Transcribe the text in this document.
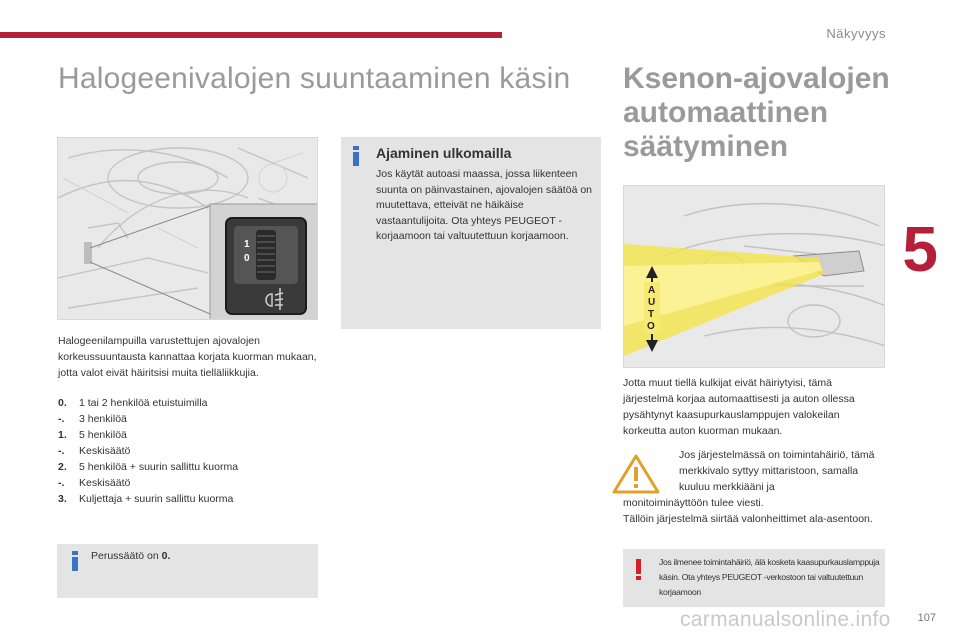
Näkyvyys
Halogeenivalojen suuntaaminen käsin Ksenon-ajovalojen
automaattinen
säätyminen
5
1
0
Ajaminen ulkomailla

Jos käytät autoasi maassa, jossa liikenteen suunta on päinvastainen, ajovalojen säätöä on muutettava, etteivät ne häikäise vastaantulijoita. Ota yhteys PEUGEOT -korjaamoon tai valtuutettuun korjaamoon.

Halogeenilampuilla varustettujen ajovalojen korkeussuuntausta kannattaa korjata kuorman mukaan, jotta valot eivät häiritsisi muita tielläliikkujia.
0.	1 tai 2 henkilöä etuistuimilla
-.	3 henkilöä
1.	5 henkilöä
-.	Keskisäätö
2.	5 henkilöä + suurin sallittu kuorma
-.	Keskisäätö
3.	Kuljettaja + suurin sallittu kuorma

Perussäätö on 0.

A
U
T
O
Jotta muut tiellä kulkijat eivät häiriytyisi, tämä järjestelmä korjaa automaattisesti ja auton ollessa pysähtynyt kaasupurkauslamppujen valokeilan korkeutta auton kuorman mukaan.
Jos järjestelmässä on toimintahäiriö, tämä merkkivalo syttyy mittaristoon, samalla kuuluu merkkiääni ja
monitoiminäyttöön tulee viesti.
Tällöin järjestelmä siirtää valonheittimet ala-asentoon.

Jos ilmenee toimintahäiriö, älä kosketa kaasupurkauslamppuja käsin. Ota yhteys PEUGEOT -verkostoon tai valtuutettuun korjaamoon

carmanualsonline.info 107
